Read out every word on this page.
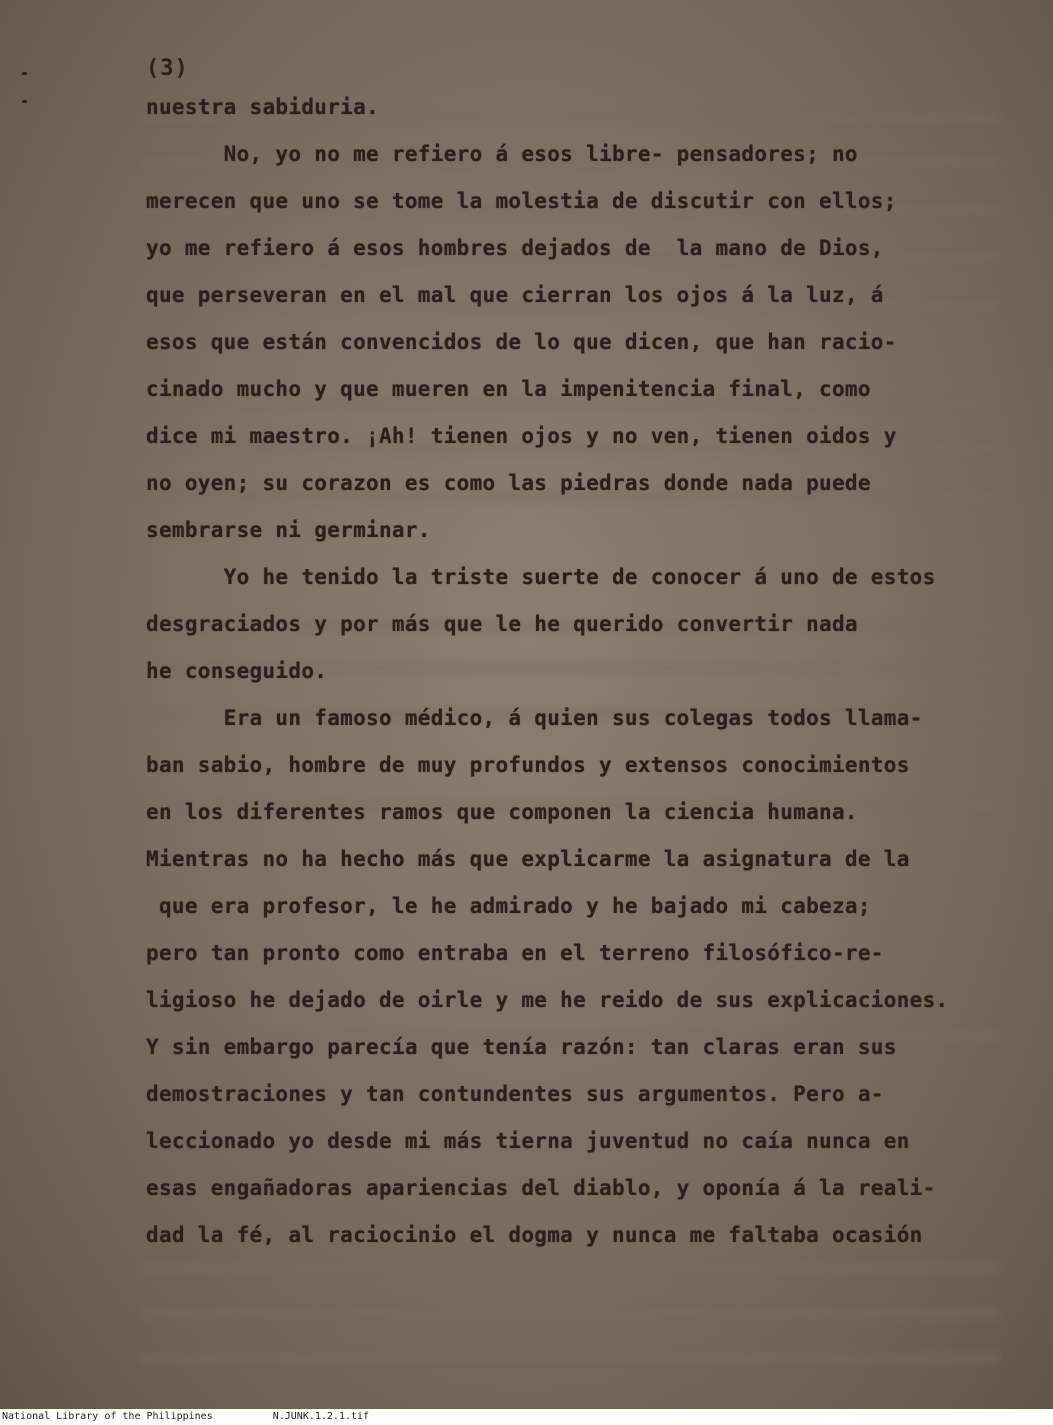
(3)
nuestra sabiduria.
No, yo no me refiero á esos libre- pensadores; no
merecen que uno se tome la molestia de discutir con ellos;
yo me refiero á esos hombres dejados de  la mano de Dios,
que perseveran en el mal que cierran los ojos á la luz, á
esos que están convencidos de lo que dicen, que han racio-
cinado mucho y que mueren en la impenitencia final, como
dice mi maestro. ¡Ah! tienen ojos y no ven, tienen oidos y
no oyen; su corazon es como las piedras donde nada puede
sembrarse ni germinar.
Yo he tenido la triste suerte de conocer á uno de estos
desgraciados y por más que le he querido convertir nada
he conseguido.
Era un famoso médico, á quien sus colegas todos llama-
ban sabio, hombre de muy profundos y extensos conocimientos
en los diferentes ramos que componen la ciencia humana.
Mientras no ha hecho más que explicarme la asignatura de la
que era profesor, le he admirado y he bajado mi cabeza;
pero tan pronto como entraba en el terreno filosófico-re-
ligioso he dejado de oirle y me he reido de sus explicaciones.
Y sin embargo parecía que tenía razón: tan claras eran sus
demostraciones y tan contundentes sus argumentos. Pero a-
leccionado yo desde mi más tierna juventud no caía nunca en
esas engañadoras apariencias del diablo, y oponía á la reali-
dad la fé, al raciocinio el dogma y nunca me faltaba ocasión
National Library of the Philippines	N.JUNK.1.2.1.tif
